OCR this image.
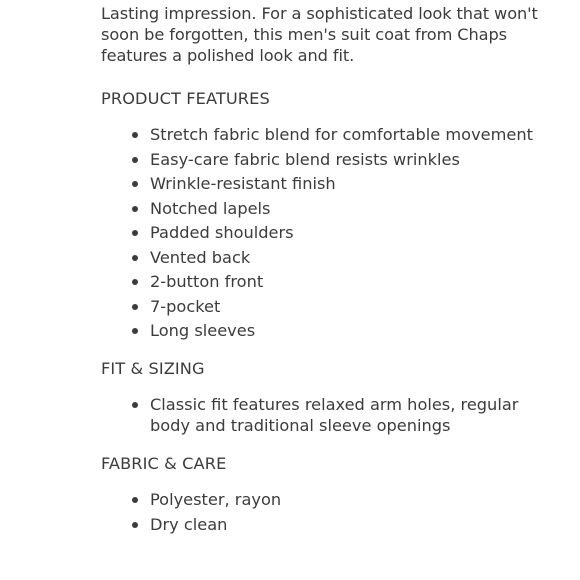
Lasting impression. For a sophisticated look that won't soon be forgotten, this men's suit coat from Chaps features a polished look and fit.

PRODUCT FEATURES
Stretch fabric blend for comfortable movement
Easy-care fabric blend resists wrinkles
Wrinkle-resistant finish
Notched lapels
Padded shoulders
Vented back
2-button front
7-pocket
Long sleeves
FIT & SIZING
Classic fit features relaxed arm holes, regular body and traditional sleeve openings
FABRIC & CARE
Polyester, rayon
Dry clean
